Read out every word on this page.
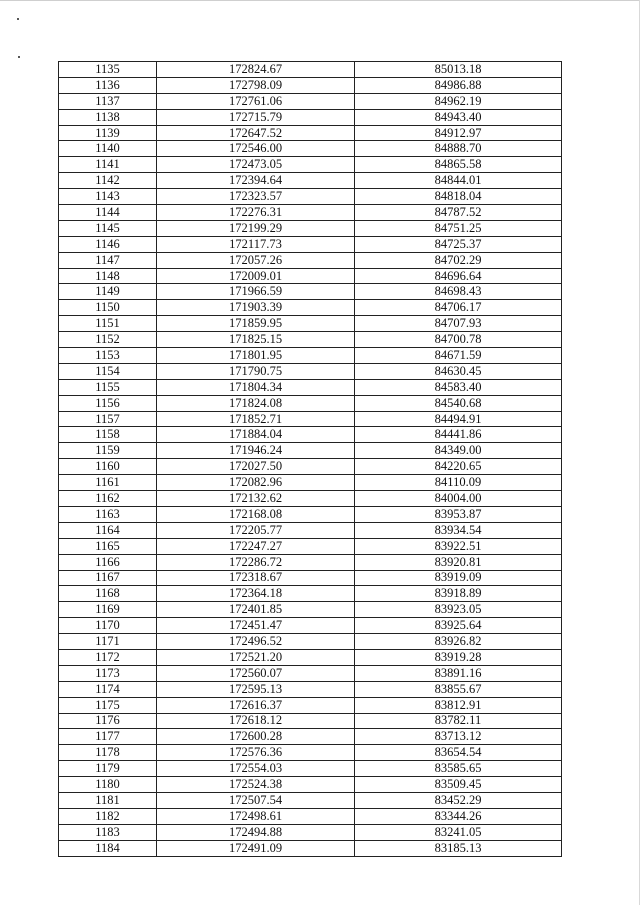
1135	172824.67	85013.18
1136	172798.09	84986.88
1137	172761.06	84962.19
1138	172715.79	84943.40
1139	172647.52	84912.97
1140	172546.00	84888.70
1141	172473.05	84865.58
1142	172394.64	84844.01
1143	172323.57	84818.04
1144	172276.31	84787.52
1145	172199.29	84751.25
1146	172117.73	84725.37
1147	172057.26	84702.29
1148	172009.01	84696.64
1149	171966.59	84698.43
1150	171903.39	84706.17
1151	171859.95	84707.93
1152	171825.15	84700.78
1153	171801.95	84671.59
1154	171790.75	84630.45
1155	171804.34	84583.40
1156	171824.08	84540.68
1157	171852.71	84494.91
1158	171884.04	84441.86
1159	171946.24	84349.00
1160	172027.50	84220.65
1161	172082.96	84110.09
1162	172132.62	84004.00
1163	172168.08	83953.87
1164	172205.77	83934.54
1165	172247.27	83922.51
1166	172286.72	83920.81
1167	172318.67	83919.09
1168	172364.18	83918.89
1169	172401.85	83923.05
1170	172451.47	83925.64
1171	172496.52	83926.82
1172	172521.20	83919.28
1173	172560.07	83891.16
1174	172595.13	83855.67
1175	172616.37	83812.91
1176	172618.12	83782.11
1177	172600.28	83713.12
1178	172576.36	83654.54
1179	172554.03	83585.65
1180	172524.38	83509.45
1181	172507.54	83452.29
1182	172498.61	83344.26
1183	172494.88	83241.05
1184	172491.09	83185.13
